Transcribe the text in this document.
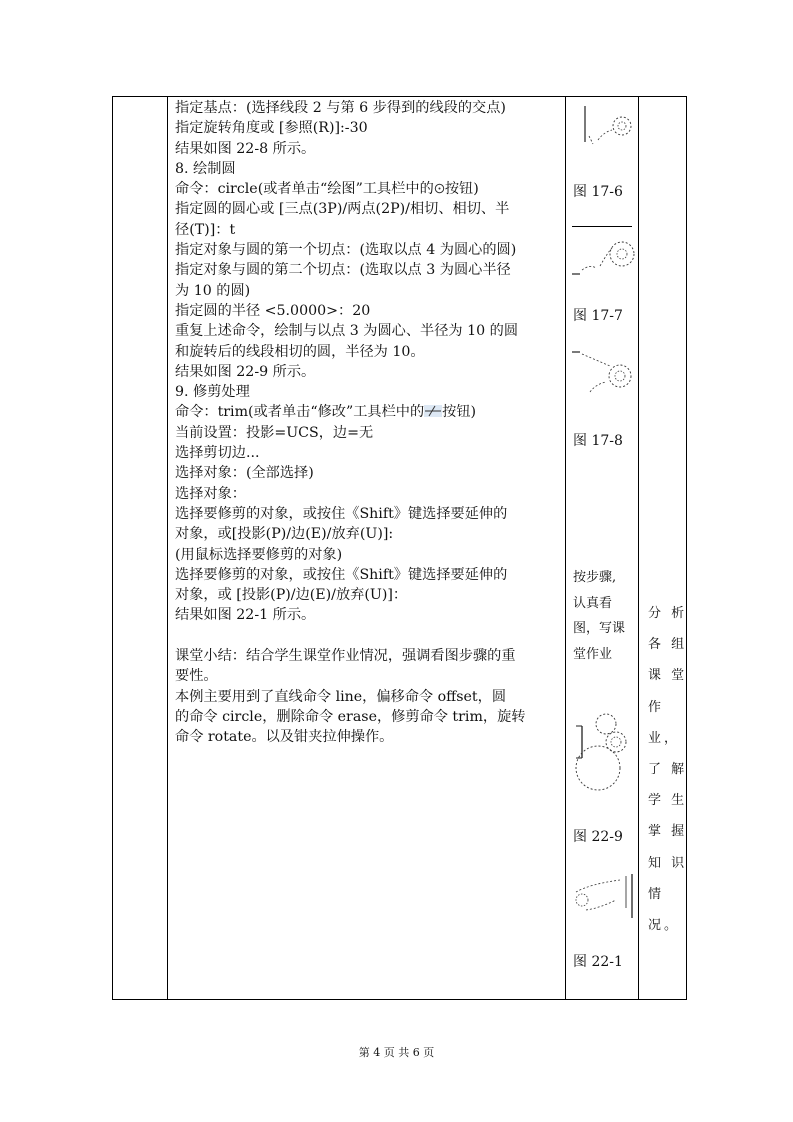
指定基点：(选择线段 2 与第 6 步得到的线段的交点)
指定旋转角度或 [参照(R)]:-30
结果如图 22-8 所示。
8. 绘制圆
命令：circle(或者单击“绘图”工具栏中的 按钮)
指定圆的圆心或 [三点(3P)/两点(2P)/相切、相切、半
径(T)]：t
指定对象与圆的第一个切点：(选取以点 4 为圆心的圆)
指定对象与圆的第二个切点：(选取以点 3 为圆心半径
为 10 的圆)
指定圆的半径 <5.0000>：20
重复上述命令，绘制与以点 3 为圆心、半径为 10 的圆
和旋转后的线段相切的圆，半径为 10。
结果如图 22-9 所示。
9. 修剪处理
命令：trim(或者单击“修改”工具栏中的 按钮)
当前设置：投影=UCS，边=无
选择剪切边...
选择对象：(全部选择)
选择对象：
选择要修剪的对象，或按住《Shift》键选择要延伸的
对象，或[投影(P)/边(E)/放弃(U)]:
(用鼠标选择要修剪的对象)
选择要修剪的对象，或按住《Shift》键选择要延伸的
对象，或 [投影(P)/边(E)/放弃(U)]：
结果如图 22-1 所示。
课堂小结：结合学生课堂作业情况，强调看图步骤的重
要性。
本例主要用到了直线命令 line，偏移命令 offset，圆
的命令 circle，删除命令 erase，修剪命令 trim，旋转
命令 rotate。以及钳夹拉伸操作。
图 17-6
图 17-7
图 17-8
按步骤,
认真看
图，写课
堂作业
图 22-9
图 22-1
分 析
各 组
课 堂
作
业，
了 解
学 生
掌 握
知 识
情
况。
第 4 页 共 6 页
